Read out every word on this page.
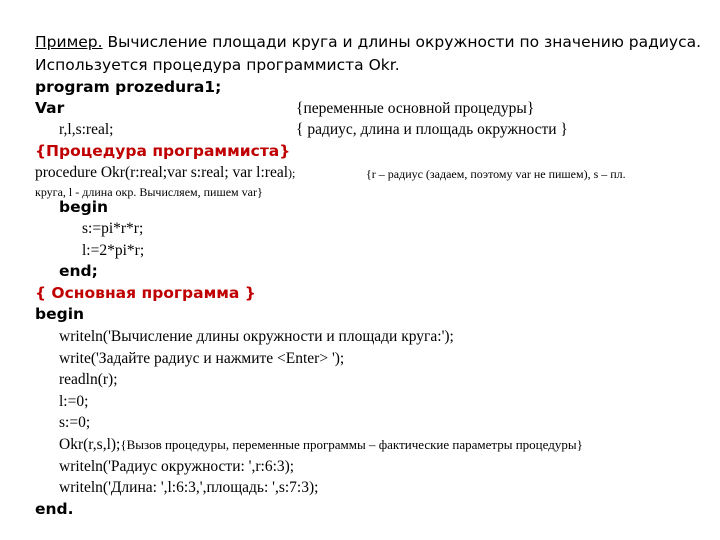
Пример. Вычисление площади круга и длины окружности по значению радиуса.
Используется процедура программиста Okr.
program prozedura1;
Var	{переменные основной процедуры}
r,l,s:real;	{ радиус, длина и площадь окружности }
{Процедура программиста}
procedure Okr(r:real;var s:real; var l:real);	{r – радиус (задаем, поэтому var не пишем), s – пл.
круга, l - длина окр. Вычисляем, пишем var}
begin
s:=pi*r*r;
l:=2*pi*r;
end;
{ Основная программа }
begin
writeln('Вычисление длины окружности и площади круга:');
write('Задайте радиус и нажмите <Enter> ');
readln(r);
l:=0;
s:=0;
Okr(r,s,l);{Вызов процедуры, переменные программы – фактические параметры процедуры}
writeln('Радиус окружности: ',r:6:3);
writeln('Длина: ',l:6:3,',площадь: ',s:7:3);
end.
